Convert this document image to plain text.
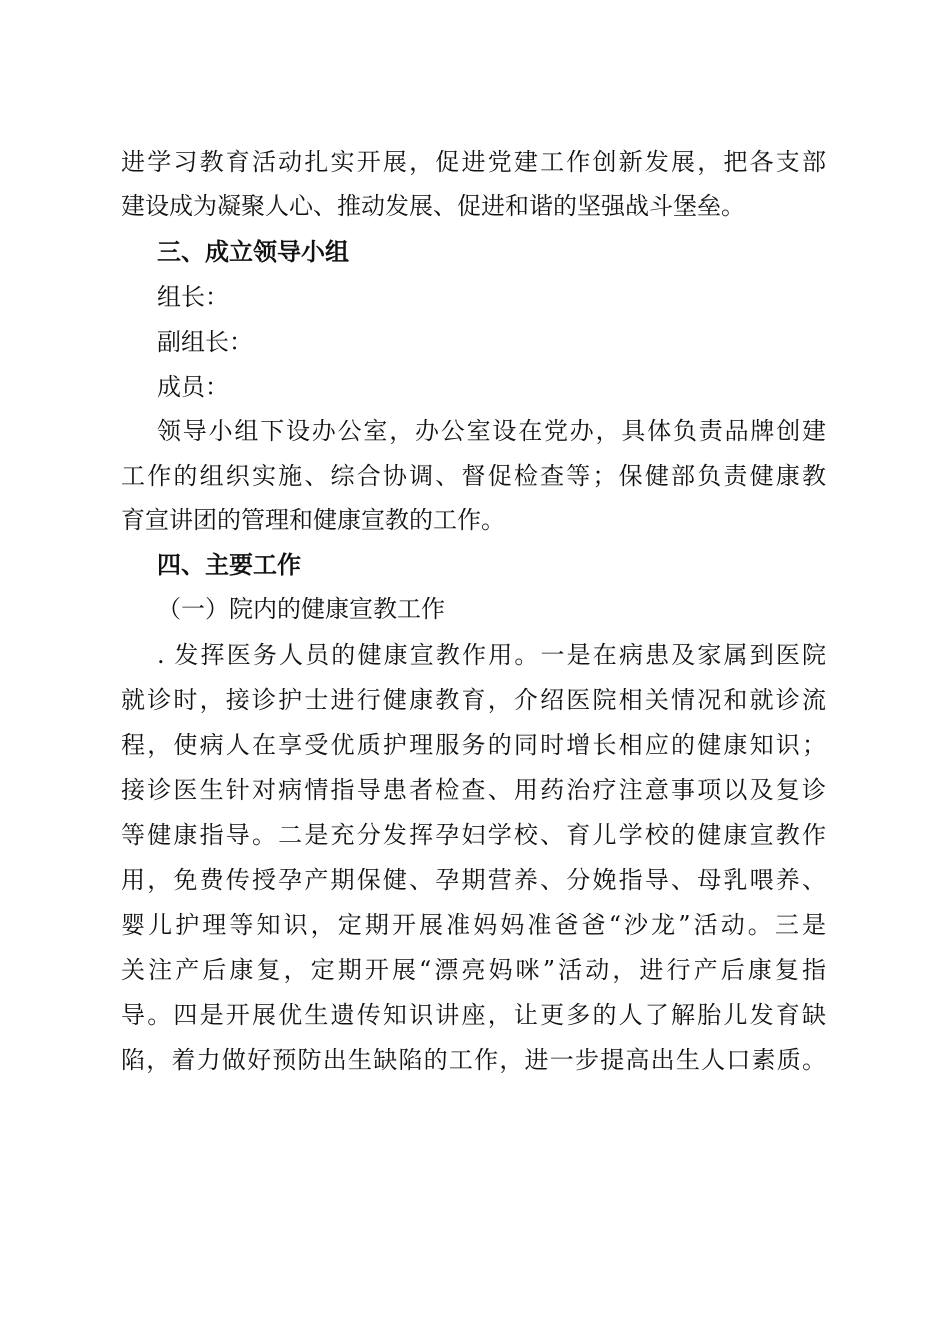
进学习教育活动扎实开展，促进党建工作创新发展，把各支部
建设成为凝聚人心、推动发展、促进和谐的坚强战斗堡垒。
三、成立领导小组
组长：
副组长：
成员：
领导小组下设办公室，办公室设在党办，具体负责品牌创建
工作的组织实施、综合协调、督促检查等；保健部负责健康教
育宣讲团的管理和健康宣教的工作。
四、主要工作
（一）院内的健康宣教工作
. 发挥医务人员的健康宣教作用。一是在病患及家属到医院
就诊时，接诊护士进行健康教育，介绍医院相关情况和就诊流
程，使病人在享受优质护理服务的同时增长相应的健康知识；
接诊医生针对病情指导患者检查、用药治疗注意事项以及复诊
等健康指导。二是充分发挥孕妇学校、育儿学校的健康宣教作
用，免费传授孕产期保健、孕期营养、分娩指导、母乳喂养、
婴儿护理等知识，定期开展准妈妈准爸爸“沙龙”活动。三是
关注产后康复，定期开展“漂亮妈咪”活动，进行产后康复指
导。四是开展优生遗传知识讲座，让更多的人了解胎儿发育缺
陷，着力做好预防出生缺陷的工作，进一步提高出生人口素质。
